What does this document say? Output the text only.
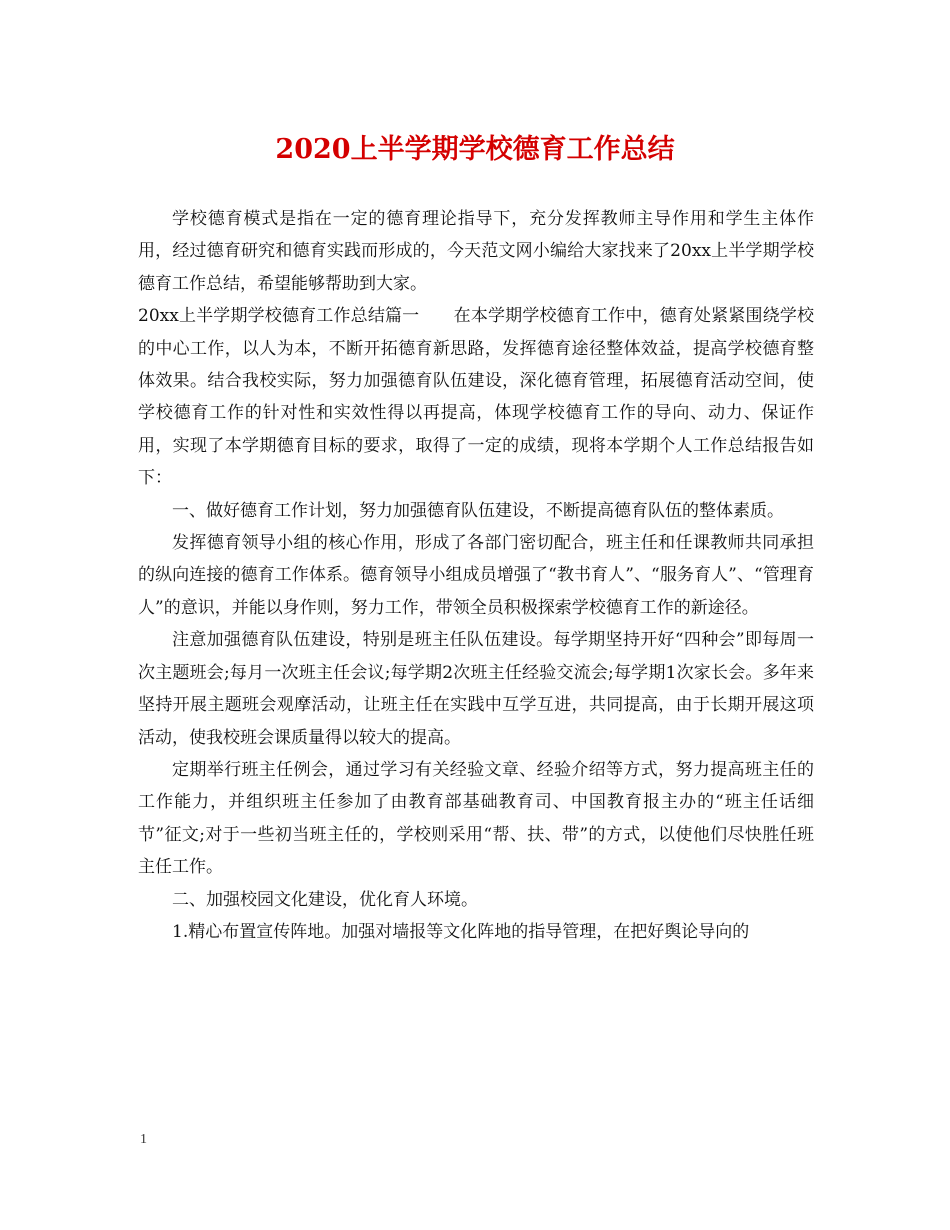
2020上半学期学校德育工作总结

学校德育模式是指在一定的德育理论指导下，充分发挥教师主导作用和学生主体作用，经过德育研究和德育实践而形成的，今天范文网小编给大家找来了20xx上半学期学校德育工作总结，希望能够帮助到大家。

20xx上半学期学校德育工作总结篇一　　在本学期学校德育工作中，德育处紧紧围绕学校的中心工作，以人为本，不断开拓德育新思路，发挥德育途径整体效益，提高学校德育整体效果。结合我校实际，努力加强德育队伍建设，深化德育管理，拓展德育活动空间，使学校德育工作的针对性和实效性得以再提高，体现学校德育工作的导向、动力、保证作用，实现了本学期德育目标的要求，取得了一定的成绩，现将本学期个人工作总结报告如下：

一、做好德育工作计划，努力加强德育队伍建设，不断提高德育队伍的整体素质。

发挥德育领导小组的核心作用，形成了各部门密切配合，班主任和任课教师共同承担的纵向连接的德育工作体系。德育领导小组成员增强了“教书育人”、“服务育人”、“管理育人”的意识，并能以身作则，努力工作，带领全员积极探索学校德育工作的新途径。

注意加强德育队伍建设，特别是班主任队伍建设。每学期坚持开好“四种会”即每周一次主题班会;每月一次班主任会议;每学期2次班主任经验交流会;每学期1次家长会。多年来坚持开展主题班会观摩活动，让班主任在实践中互学互进，共同提高，由于长期开展这项活动，使我校班会课质量得以较大的提高。

定期举行班主任例会，通过学习有关经验文章、经验介绍等方式，努力提高班主任的工作能力，并组织班主任参加了由教育部基础教育司、中国教育报主办的“班主任话细节”征文;对于一些初当班主任的，学校则采用“帮、扶、带”的方式，以使他们尽快胜任班主任工作。

二、加强校园文化建设，优化育人环境。

1.精心布置宣传阵地。加强对墙报等文化阵地的指导管理，在把好舆论导向的

1
